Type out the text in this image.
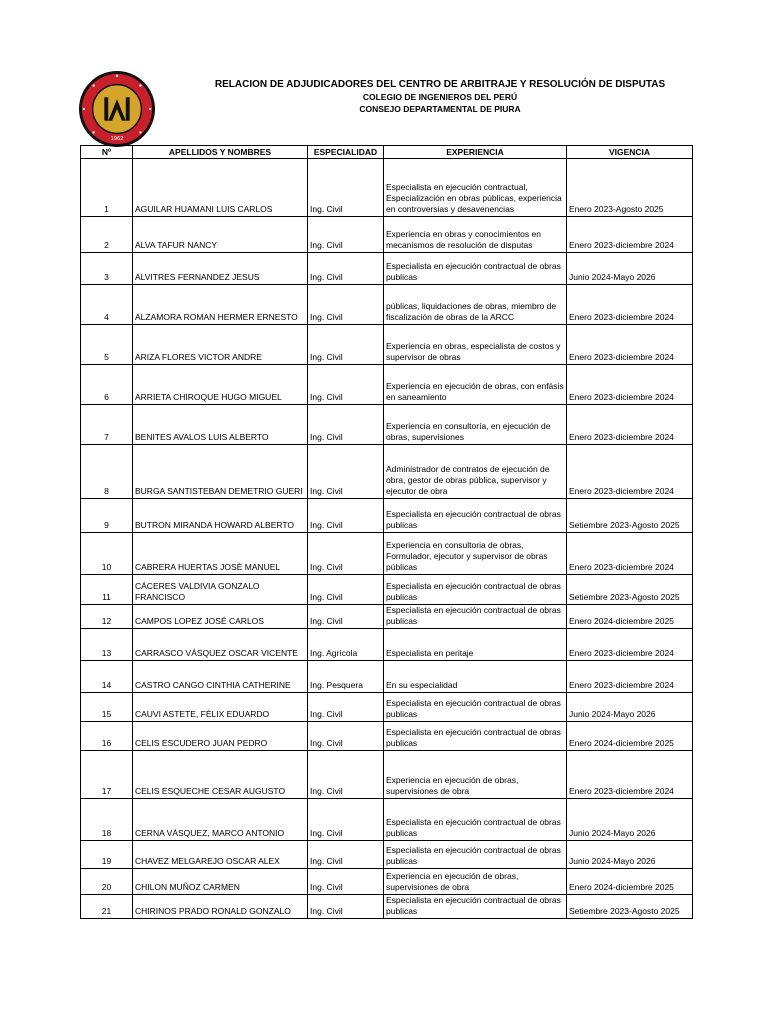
1962
RELACION DE ADJUDICADORES DEL CENTRO DE ARBITRAJE Y RESOLUCIÓN DE DISPUTAS
COLEGIO DE INGENIEROS DEL PERÚ
CONSEJO DEPARTAMENTAL DE PIURA
Nº	APELLIDOS Y NOMBRES	ESPECIALIDAD	EXPERIENCIA	VIGENCIA
1	AGUILAR HUAMANI LUIS CARLOS	Ing. Civil	Especialista en ejecución contractual, Especialización en obras públicas, experiencia en controversias y desavenencias	Enero 2023-Agosto 2025
2	ALVA TAFUR NANCY	Ing. Civil	Experiencia en obras y conocimientos en mecanismos de resolución de disputas	Enero 2023-diciembre 2024
3	ALVITRES FERNANDEZ JESUS	Ing. Civil	Especialista en ejecución contractual de obras publicas	Junio 2024-Mayo 2026
4	ALZAMORA ROMAN HERMER ERNESTO	Ing. Civil	públicas, liquidaciones de obras, miembro de fiscalización de obras de la ARCC	Enero 2023-diciembre 2024
5	ARIZA FLORES VICTOR ANDRE	Ing. Civil	Experiencia en obras, especialista de costos y supervisor de obras	Enero 2023-diciembre 2024
6	ARRIETA CHIROQUE HUGO MIGUEL	Ing. Civil	Experiencia en ejecución de obras, con enfásis en saneamiento	Enero 2023-diciembre 2024
7	BENITES AVALOS LUIS ALBERTO	Ing. Civil	Experiencia en consultoría, en ejecución de obras, supervisiones	Enero 2023-diciembre 2024
8	BURGA SANTISTEBAN DEMETRIO GUERI	Ing. Civil	Administrador de contratos de ejecución de obra, gestor de obras pública, supervisor y ejecutor de obra	Enero 2023-diciembre 2024
9	BUTRON MIRANDA HOWARD ALBERTO	Ing. Civil	Especialista en ejecución contractual de obras publicas	Setiembre 2023-Agosto 2025
10	CABRERA HUERTAS JOSÈ MANUEL	Ing. Civil	Experiencia en consultoria de obras, Formulador, ejecutor y supervisor de obras públicas	Enero 2023-diciembre 2024
11	CÁCERES VALDIVIA GONZALO FRANCISCO	Ing. Civil	Especialista en ejecución contractual de obras publicas	Setiembre 2023-Agosto 2025
12	CAMPOS LOPEZ JOSÉ CARLOS	Ing. Civil	Especialista en ejecución contractual de obras publicas	Enero 2024-diciembre 2025
13	CARRASCO VÁSQUEZ OSCAR VICENTE	Ing. Agrícola	Especialista en peritaje	Enero 2023-diciembre 2024
14	CASTRO CANGO CINTHIA CATHERINE	Ing. Pesquera	En su especialidad	Enero 2023-diciembre 2024
15	CAUVI ASTETE, FÉLIX EDUARDO	Ing. Civil	Especialista en ejecución contractual de obras publicas	Junio 2024-Mayo 2026
16	CELIS ESCUDERO JUAN PEDRO	Ing. Civil	Especialista en ejecución contractual de obras publicas	Enero 2024-diciembre 2025
17	CELIS ESQUECHE CESAR AUGUSTO	Ing. Civil	Experiencia en ejecución de obras, supervisiones de obra	Enero 2023-diciembre 2024
18	CERNA VÁSQUEZ, MARCO ANTONIO	Ing. Civil	Especialista en ejecución contractual de obras publicas	Junio 2024-Mayo 2026
19	CHAVEZ MELGAREJO OSCAR ALEX	Ing. Civil	Especialista en ejecución contractual de obras publicas	Junio 2024-Mayo 2026
20	CHILON MUÑOZ CARMEN	Ing. Civil	Experiencia en ejecución de obras, supervisiones de obra	Enero 2024-diciembre 2025
21	CHIRINOS PRADO RONALD GONZALO	Ing. Civil	Especialista en ejecución contractual de obras publicas	Setiembre 2023-Agosto 2025
